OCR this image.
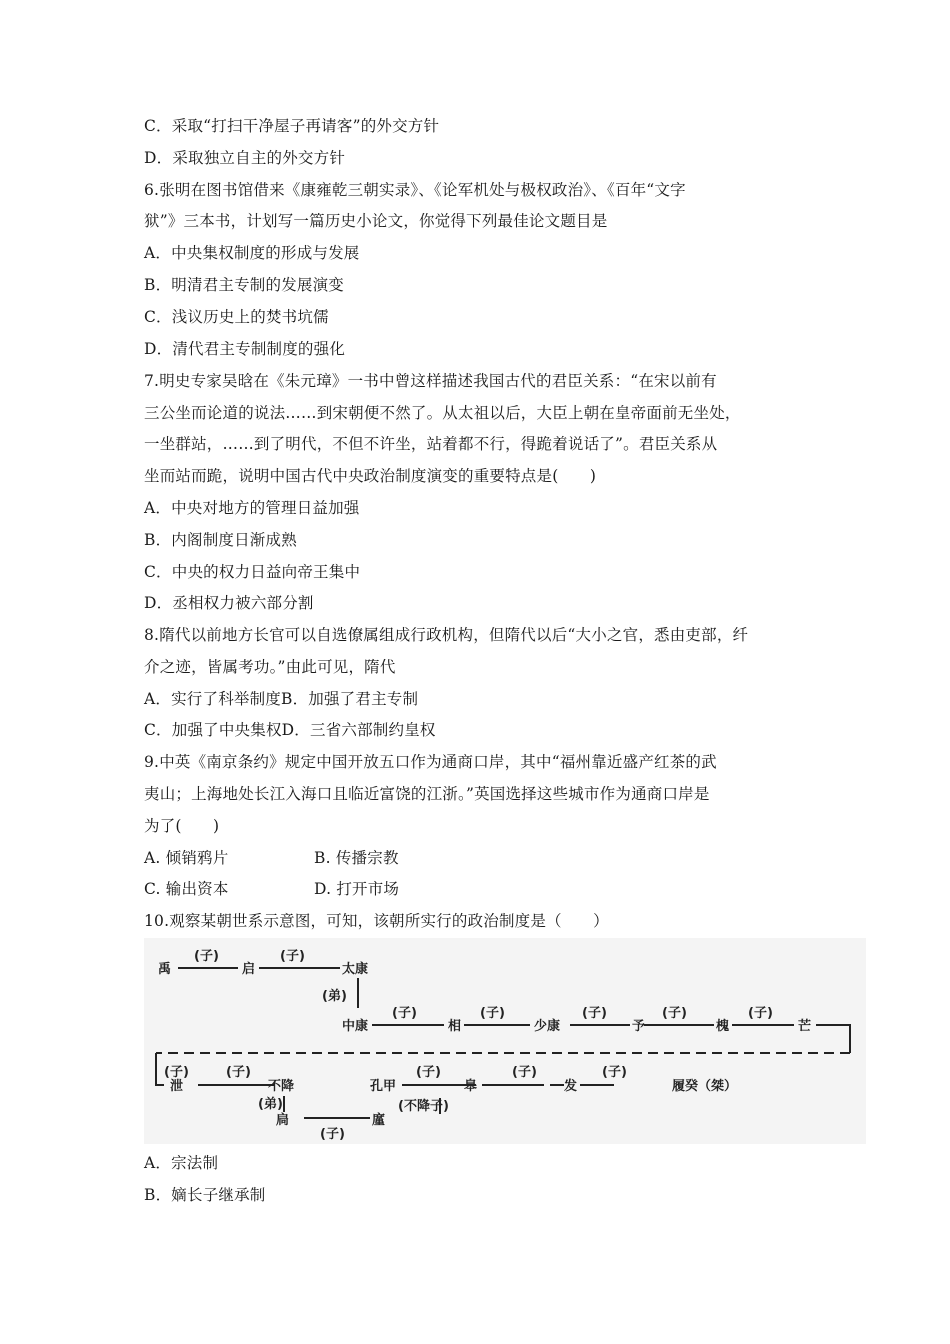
C．采取“打扫干净屋子再请客”的外交方针
D．采取独立自主的外交方针
6.张明在图书馆借来《康雍乾三朝实录》、《论军机处与极权政治》、《百年“文字
狱”》三本书，计划写一篇历史小论文，你觉得下列最佳论文题目是
A．中央集权制度的形成与发展
B．明清君主专制的发展演变
C．浅议历史上的焚书坑儒
D．清代君主专制制度的强化
7.明史专家吴晗在《朱元璋》一书中曾这样描述我国古代的君臣关系：“在宋以前有
三公坐而论道的说法……到宋朝便不然了。从太祖以后，大臣上朝在皇帝面前无坐处，
一坐群站，……到了明代，不但不许坐，站着都不行，得跪着说话了”。君臣关系从
坐而站而跪，说明中国古代中央政治制度演变的重要特点是(　　)
A．中央对地方的管理日益加强
B．内阁制度日渐成熟
C．中央的权力日益向帝王集中
D．丞相权力被六部分割
8.隋代以前地方长官可以自选僚属组成行政机构，但隋代以后“大小之官，悉由吏部，纤
介之迹，皆属考功。”由此可见，隋代
A．实行了科举制度B．加强了君主专制
C．加强了中央集权D．三省六部制约皇权
9.中英《南京条约》规定中国开放五口作为通商口岸，其中“福州靠近盛产红茶的武
夷山；上海地处长江入海口且临近富饶的江浙。”英国选择这些城市作为通商口岸是
为了(　　)
A. 倾销鸦片	B. 传播宗教
C. 输出资本	D. 打开市场
10.观察某朝世系示意图，可知，该朝所实行的政治制度是（　　）
禹	启	太康
中康	相	少康	予	槐	芒
泄	不降
扃	廑
孔甲	皋	发	履癸（桀）
(子)	(子)
(弟)
(子)	(子)	(子)	(子)	(子)
(子)	(子)
(弟)
(子)
(不降子)
(子)	(子)	(子)
A．宗法制
B．嫡长子继承制
